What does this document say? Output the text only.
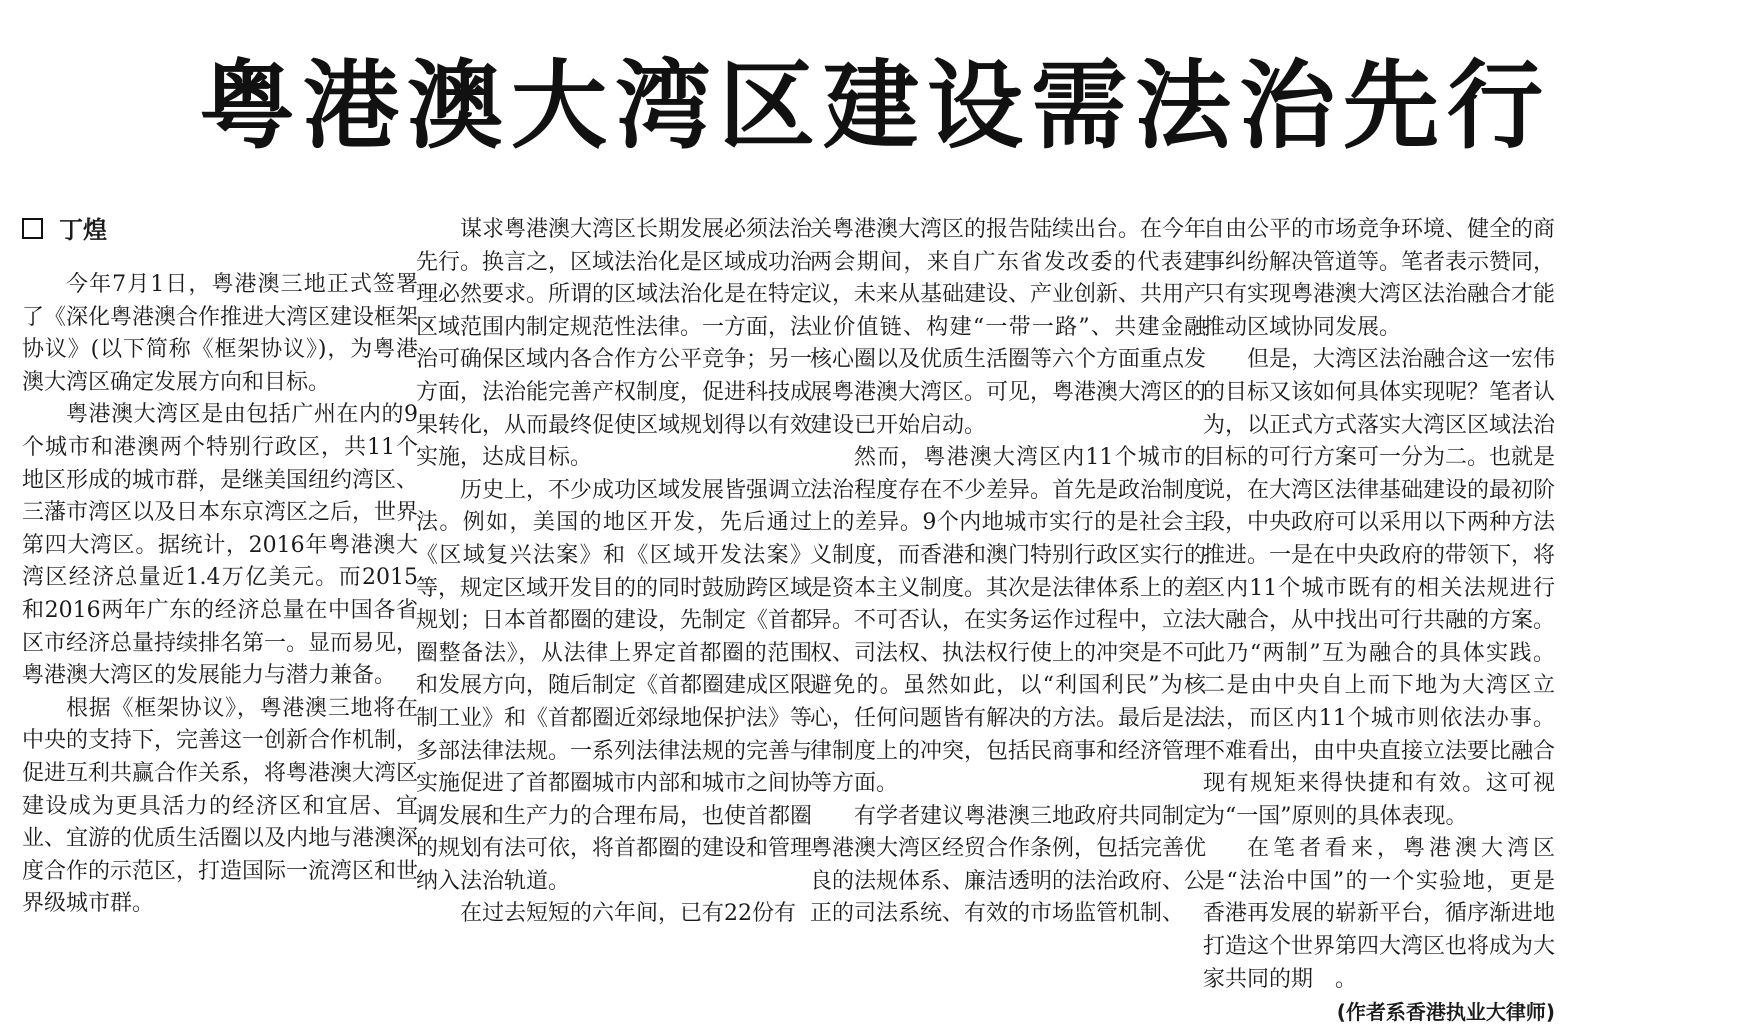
粤港澳大湾区建设需法治先行
丁煌

今年7月1日，粤港澳三地正式签署了《深化粤港澳合作推进大湾区建设框架协议》(以下简称《框架协议》)，为粤港澳大湾区确定发展方向和目标。

粤港澳大湾区是由包括广州在内的9个城市和港澳两个特别行政区，共11个地区形成的城市群，是继美国纽约湾区、三藩市湾区以及日本东京湾区之后，世界第四大湾区。据统计，2016年粤港澳大湾区经济总量近1.4万亿美元。而2015和2016两年广东的经济总量在中国各省区市经济总量持续排名第一。显而易见，粤港澳大湾区的发展能力与潜力兼备。

根据《框架协议》，粤港澳三地将在中央的支持下，完善这一创新合作机制，促进互利共赢合作关系，将粤港澳大湾区建设成为更具活力的经济区和宜居、宜业、宜游的优质生活圈以及内地与港澳深度合作的示范区，打造国际一流湾区和世界级城市群。

谋求粤港澳大湾区长期发展必须法治先行。换言之，区域法治化是区域成功治理必然要求。所谓的区域法治化是在特定区域范围内制定规范性法律。一方面，法治可确保区域内各合作方公平竞争；另一方面，法治能完善产权制度，促进科技成果转化，从而最终促使区域规划得以有效实施，达成目标。

历史上，不少成功区域发展皆强调立法。例如，美国的地区开发，先后通过《区域复兴法案》和《区域开发法案》等，规定区域开发目的的同时鼓励跨区域规划；日本首都圈的建设，先制定《首都圈整备法》，从法律上界定首都圈的范围和发展方向，随后制定《首都圈建成区限制工业》和《首都圈近郊绿地保护法》等多部法律法规。一系列法律法规的完善与实施促进了首都圈城市内部和城市之间协调发展和生产力的合理布局，也使首都圈的规划有法可依，将首都圈的建设和管理纳入法治轨道。

在过去短短的六年间，已有22份有

关粤港澳大湾区的报告陆续出台。在今年两会期间，来自广东省发改委的代表建议，未来从基础建设、产业创新、共用产业价值链、构建“一带一路”、共建金融核心圈以及优质生活圈等六个方面重点发展粤港澳大湾区。可见，粤港澳大湾区的建设已开始启动。

然而，粤港澳大湾区内11个城市的法治程度存在不少差异。首先是政治制度上的差异。9个内地城市实行的是社会主义制度，而香港和澳门特别行政区实行的是资本主义制度。其次是法律体系上的差异。不可否认，在实务运作过程中，立法权、司法权、执法权行使上的冲突是不可避免的。虽然如此，以“利国利民”为核心，任何问题皆有解决的方法。最后是法律制度上的冲突，包括民商事和经济管理等方面。

有学者建议粤港澳三地政府共同制定粤港澳大湾区经贸合作条例，包括完善优良的法规体系、廉洁透明的法治政府、公正的司法系统、有效的市场监管机制、

自由公平的市场竞争环境、健全的商事纠纷解决管道等。笔者表示赞同，只有实现粤港澳大湾区法治融合才能推动区域协同发展。

但是，大湾区法治融合这一宏伟的目标又该如何具体实现呢？笔者认为，以正式方式落实大湾区区域法治目标的可行方案可一分为二。也就是说，在大湾区法律基础建设的最初阶段，中央政府可以采用以下两种方法推进。一是在中央政府的带领下，将区内11个城市既有的相关法规进行大融合，从中找出可行共融的方案。此乃“两制”互为融合的具体实践。二是由中央自上而下地为大湾区立法，而区内11个城市则依法办事。不难看出，由中央直接立法要比融合现有规矩来得快捷和有效。这可视为“一国”原则的具体表现。

在笔者看来，粤港澳大湾区是“法治中国”的一个实验地，更是香港再发展的崭新平台，循序渐进地打造这个世界第四大湾区也将成为大家共同的期　。

(作者系香港执业大律师)
